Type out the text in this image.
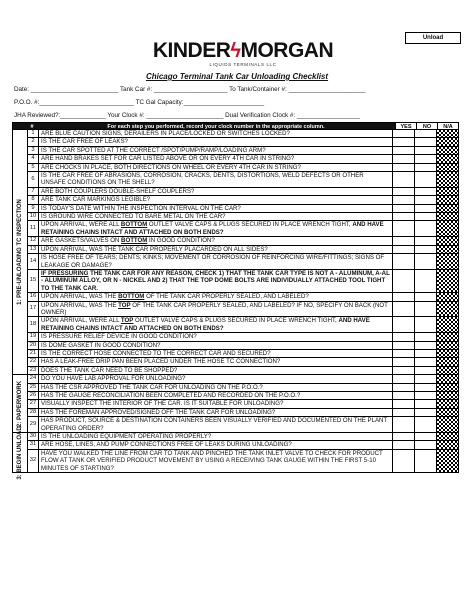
Unload
KINDERϟMORGAN
LIQUIDS TERMINALS LLC
Chicago Terminal Tank Car Unloading Checklist
Date: _________________________ Tank Car #: _____________________ To Tank/Container #: ______________________
P.O.O. #:___________________________ TC Gal Capacity:_______________________
JHA Reviewed?:_____________ Your Clock #: ______________________ Dual Verification Clock #: __________________
#	For each step you performed, record your clock number in the appropriate column.	YES	NO	N/A
1: PRE-UNLOADING TC INSPECTION
1	ARE BLUE CAUTION SIGNS, DERAILERS IN PLACE/LOCKED OR SWITCHES LOCKED?
2	IS THE CAR FREE OF LEAKS?
3	IS THE CAR SPOTTED AT THE CORRECT /SPOT/PUMP/RAMP/LOADING ARM?
4	ARE HAND BRAKES SET FOR CAR LISTED ABOVE OR ON EVERY 4TH CAR IN STRING?
5	ARE CHOCKS IN PLACE, BOTH DIRECTIONS ON WHEEL OR EVERY 4TH CAR IN STRING?
6	IS THE CAR FREE OF ABRASIONS, CORROSION, CRACKS, DENTS, DISTORTIONS, WELD DEFECTS OR OTHER UNSAFE CONDITIONS ON THE SHELL?
7	ARE BOTH COUPLERS DOUBLE-SHELF COUPLERS?
8	ARE TANK CAR MARKINGS LEGIBLE?
9	IS TODAY'S DATE WITHIN THE INSPECTION INTERVAL ON THE CAR?
10 IS GROUND WIRE CONNECTED TO BARE METAL ON THE CAR?
11 UPON ARRIVAL, WERE ALL BOTTOM OUTLET VALVE CAPS & PLUGS SECURED IN PLACE WRENCH TIGHT, AND HAVE RETAINING CHAINS INTACT AND ATTACHED ON BOTH ENDS?
12 ARE GASKETS/VALVES ON BOTTOM IN GOOD CONDITION?
13 UPON ARRIVAL, WAS THE TANK CAR PROPERLY PLACARDED ON ALL SIDES?
14 IS HOSE FREE OF TEARS; DENTS; KINKS; MOVEMENT OR CORROSION OF REINFORCING WIRE/FITTINGS; SIGNS OF LEAKAGE OR DAMAGE?
15
IF PRESSURING THE TANK CAR FOR ANY REASON, CHECK 1) THAT THE TANK CAR TYPE IS NOT A - ALUMINUM, A-AL - ALUMINUM ALLOY, OR N - NICKEL AND 2) THAT THE TOP DOME BOLTS ARE INDIVIDUALLY ATTACHED TOOL TIGHT TO THE TANK CAR.
16 UPON ARRIVAL, WAS THE BOTTOM OF THE TANK CAR PROPERLY SEALED, AND LABELED?
17 UPON ARRIVAL, WAS THE TOP OF THE TANK CAR PROPERLY SEALED, AND LABELED? IF NO, SPECIFY ON BACK (NOT OWNER)
18 UPON ARRIVAL, WERE ALL TOP OUTLET VALVE CAPS & PLUGS SECURED IN PLACE WRENCH TIGHT, AND HAVE RETAINING CHAINS INTACT AND ATTACHED ON BOTH ENDS?
19 IS PRESSURE RELIEF DEVICE IN GOOD CONDITION?
20 IS DOME GASKET IN GOOD CONDITION?
21 IS THE CORRECT HOSE CONNECTED TO THE CORRECT CAR AND SECURED?
22 HAS A LEAK-FREE DRIP PAN BEEN PLACED UNDER THE HOSE TC CONNECTION?
23 DOES THE TANK CAR NEED TO BE SHOPPED?
2: PAPERWORK
24 DO YOU HAVE LAB APPROVAL FOR UNLOADING?
25 HAS THE CSR APPROVED THE TANK CAR FOR UNLOADING ON THE P.O.O.?
26 HAS THE GAUGE RECONCILIATION BEEN COMPLETED AND RECORDED ON THE P.O.O.?
27 VISUALLY INSPECT THE INTERIOR OF THE CAR. IS IT SUITABLE FOR UNLOADING?
28 HAS THE FOREMAN APPROVED/SIGNED OFF THE TANK CAR FOR UNLOADING?
29 HAS PRODUCT, SOURCE & DESTINATION CONTAINERS BEEN VISUALLY VERIFIED AND DOCUMENTED ON THE PLANT OPERATING ORDER?
3: BEGIN UNLOAD	30 IS THE UNLOADING EQUIPMENT OPERATING PROPERLY?
31 ARE HOSE, LINES, AND PUMP CONNECTIONS FREE OF LEAKS DURING UNLOADING?
32
HAVE YOU WALKED THE LINE FROM CAR TO TANK AND PINCHED THE TANK INLET VALVE TO CHECK FOR PRODUCT FLOW AT TANK OR VERIFIED PRODUCT MOVEMENT BY USING A RECEIVING TANK GAUGE WITHIN THE FIRST 5-10 MINUTES OF STARTING?
